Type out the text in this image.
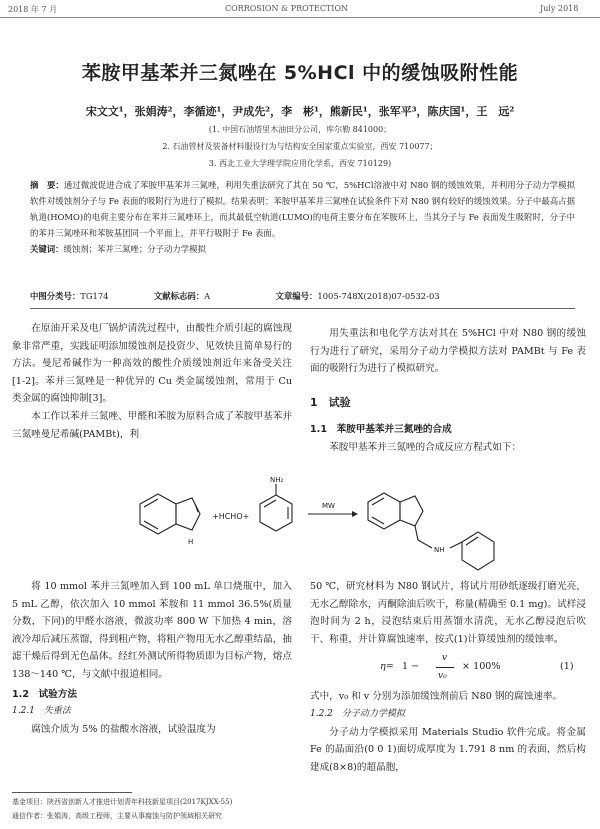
2018 年 7 月	CORROSION & PROTECTION	July 2018
苯胺甲基苯并三氮唑在 5%HCl 中的缓蚀吸附性能
宋文文¹，张娟涛²，李循迹¹，尹成先²，李　彬¹，熊新民¹，张军平³，陈庆国¹，王　远²
(1. 中国石油塔里木油田分公司，库尔勒 841000；
2. 石油管材及装备材料服役行为与结构安全国家重点实验室，西安 710077；
3. 西北工业大学理学院应用化学系，西安 710129)
摘　要：通过微波促进合成了苯胺甲基苯并三氮唑，利用失重法研究了其在 50 ℃，5%HCl溶液中对 N80 钢的缓蚀效果，并利用分子动力学模拟软件对缓蚀剂分子与 Fe 表面的吸附行为进行了模拟。结果表明：苯胺甲基苯并三氮唑在试验条件下对 N80 钢有较好的缓蚀效果。分子中最高占据轨道(HOMO)的电荷主要分布在苯并三氮唑环上，而其最低空轨道(LUMO)的电荷主要分布在苯胺环上，当其分子与 Fe 表面发生吸附时，分子中的苯并三氮唑环和苯胺基团同一个平面上，并平行吸附于 Fe 表面。
关键词：缓蚀剂；苯并三氮唑；分子动力学模拟
中图分类号：TG174	文献标志码：A	文章编号：1005-748X(2018)07-0532-03

在原油开采及电厂锅炉清洗过程中，由酸性介质引起的腐蚀现象非常严重，实践证明添加缓蚀剂是投资少、见效快且简单易行的方法。曼尼希碱作为一种高效的酸性介质缓蚀剂近年来备受关注[1-2]。苯并三氮唑是一种优异的 Cu 类金属缓蚀剂，常用于 Cu 类金属的腐蚀抑制[3]。

本工作以苯并三氮唑、甲醛和苯胺为原料合成了苯胺甲基苯并三氮唑曼尼希碱(PAMBt)，利

用失重法和电化学方法对其在 5%HCl 中对 N80 钢的缓蚀行为进行了研究，采用分子动力学模拟方法对 PAMBt 与 Fe 表面的吸附行为进行了模拟研究。

1　试验
1.1　苯胺甲基苯并三氮唑的合成

苯胺甲基苯并三氮唑的合成反应方程式如下：

H
+HCHO+
NH₂
MW
NH

将 10 mmol 苯并三氮唑加入到 100 mL 单口烧瓶中，加入 5 mL 乙醇，依次加入 10 mmol 苯胺和 11 mmol 36.5%(质量分数，下同)的甲醛水溶液，微波功率 800 W 下加热 4 min，溶液冷却后减压蒸馏，得到粗产物，将粗产物用无水乙醇重结晶，抽滤干燥后得到无色晶体。经红外测试所得物质即为目标产物，熔点 138～140 ℃，与文献中报道相同。

1.2　试验方法
1.2.1　失重法

腐蚀介质为 5% 的盐酸水溶液，试验温度为

基金项目：陕西省创新人才推进计划青年科技新星项目(2017KJXX-55)
通信作者：张娟涛，高级工程师，主要从事腐蚀与防护领域相关研究

50 ℃，研究材料为 N80 钢试片，将试片用砂纸逐级打磨光亮，无水乙醇除水，丙酮除油后吹干，称量(精确至 0.1 mg)。试样浸泡时间为 2 h，浸泡结束后用蒸馏水清洗，无水乙醇浸泡后吹干、称重，并计算腐蚀速率，按式(1)计算缓蚀剂的缓蚀率。

η= 1 −
v
v₀
× 100%	(1)

式中，v₀ 和 v 分别为添加缓蚀剂前后 N80 钢的腐蚀速率。

1.2.2　分子动力学模拟

分子动力学模拟采用 Materials Studio 软件完成。将金属 Fe 的晶面沿(0 0 1)面切成厚度为 1.791 8 nm 的表面，然后构建成(8×8)的超晶胞，
